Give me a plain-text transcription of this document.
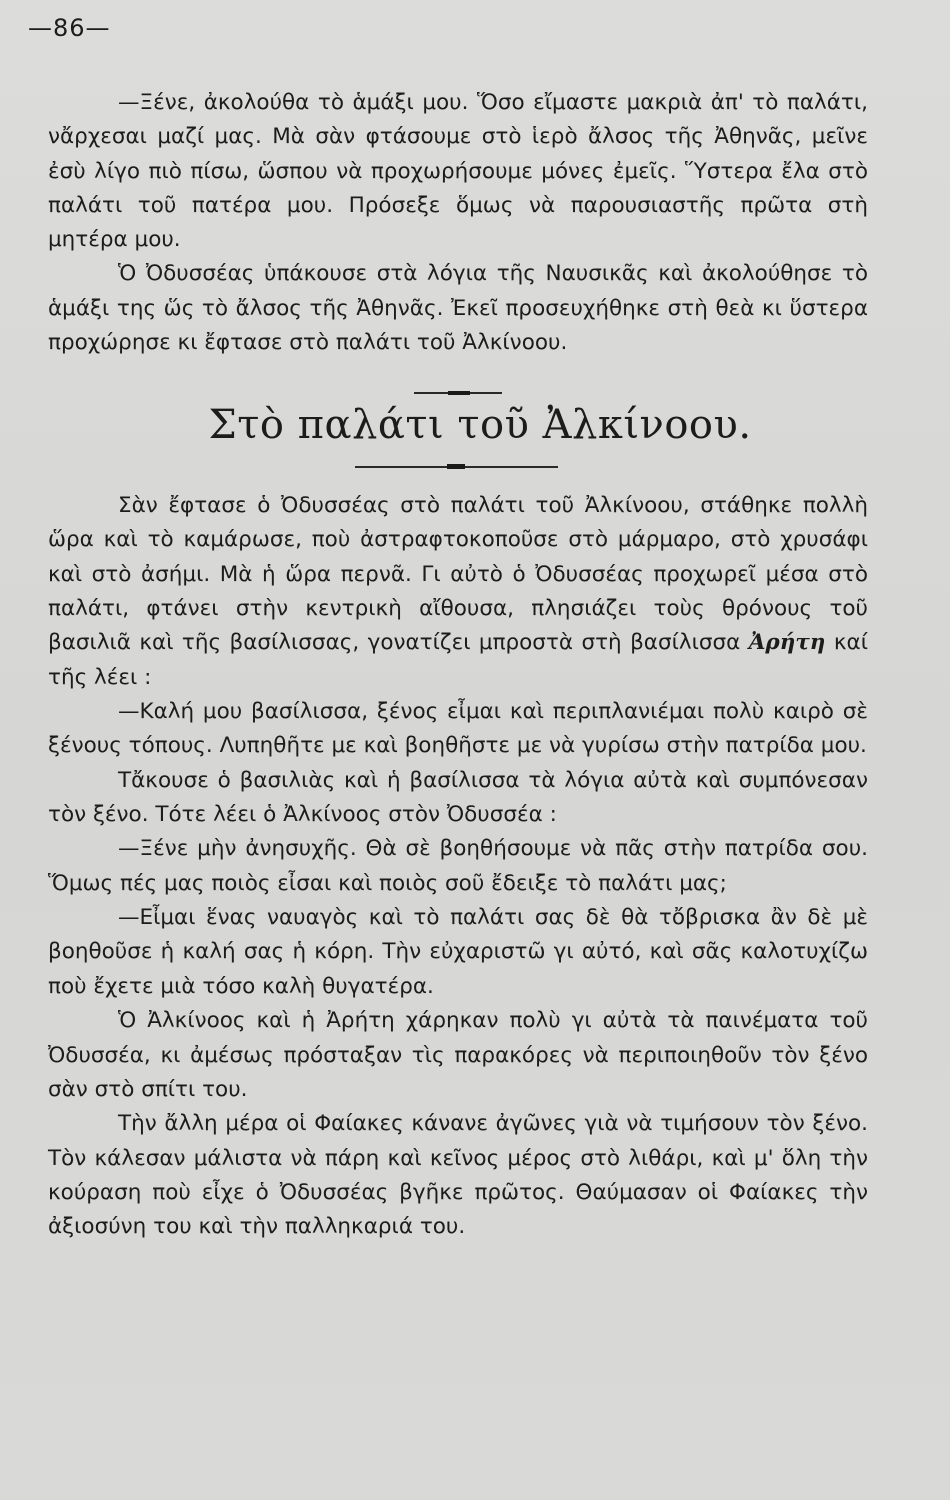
—86—

—Ξένε, ἀκολούθα τὸ ἁμάξι μου. Ὅσο εἴμαστε μακριὰ ἀπ' τὸ παλάτι, νἄρχεσαι μαζί μας. Μὰ σὰν φτάσουμε στὸ ἱερὸ ἄλσος τῆς Ἀθηνᾶς, μεῖνε ἐσὺ λίγο πιὸ πίσω, ὥσπου νὰ προχωρήσουμε μόνες ἐμεῖς. Ὕστερα ἔλα στὸ παλάτι τοῦ πατέρα μου. Πρόσεξε ὅμως νὰ παρουσιαστῆς πρῶτα στὴ μητέρα μου.

Ὁ Ὀδυσσέας ὑπάκουσε στὰ λόγια τῆς Ναυσικᾶς καὶ ἀκολούθησε τὸ ἁμάξι της ὥς τὸ ἄλσος τῆς Ἀθηνᾶς. Ἐκεῖ προσευχήθηκε στὴ θεὰ κι ὕστερα προχώρησε κι ἔφτασε στὸ παλάτι τοῦ Ἀλκίνοου.

Στὸ παλάτι τοῦ Ἀλκίνοου.

Σὰν ἔφτασε ὁ Ὀδυσσέας στὸ παλάτι τοῦ Ἀλκίνοου, στάθηκε πολλὴ ὥρα καὶ τὸ καμάρωσε, ποὺ ἀστραφτοκοποῦσε στὸ μάρμαρο, στὸ χρυσάφι καὶ στὸ ἀσήμι. Μὰ ἡ ὥρα περνᾶ. Γι αὐτὸ ὁ Ὀδυσσέας προχωρεῖ μέσα στὸ παλάτι, φτάνει στὴν κεντρικὴ αἴθουσα, πλησιάζει τοὺς θρόνους τοῦ βασιλιᾶ καὶ τῆς βασίλισσας, γονατίζει μπροστὰ στὴ βασίλισσα Ἀρήτη καί τῆς λέει :

—Καλή μου βασίλισσα, ξένος εἶμαι καὶ περιπλανιέμαι πολὺ καιρὸ σὲ ξένους τόπους. Λυπηθῆτε με καὶ βοηθῆστε με νὰ γυρίσω στὴν πατρίδα μου.

Τἄκουσε ὁ βασιλιὰς καὶ ἡ βασίλισσα τὰ λόγια αὐτὰ καὶ συμπόνεσαν τὸν ξένο. Τότε λέει ὁ Ἀλκίνοος στὸν Ὀδυσσέα :

—Ξένε μὴν ἀνησυχῆς. Θὰ σὲ βοηθήσουμε νὰ πᾶς στὴν πατρίδα σου. Ὅμως πές μας ποιὸς εἶσαι καὶ ποιὸς σοῦ ἔδειξε τὸ παλάτι μας;

—Εἶμαι ἕνας ναυαγὸς καὶ τὸ παλάτι σας δὲ θὰ τὄβρισκα ἂν δὲ μὲ βοηθοῦσε ἡ καλή σας ἡ κόρη. Τὴν εὐχαριστῶ γι αὐτό, καὶ σᾶς καλοτυχίζω ποὺ ἔχετε μιὰ τόσο καλὴ θυγατέρα.

Ὁ Ἀλκίνοος καὶ ἡ Ἀρήτη χάρηκαν πολὺ γι αὐτὰ τὰ παινέματα τοῦ Ὀδυσσέα, κι ἀμέσως πρόσταξαν τὶς παρακόρες νὰ περιποιηθοῦν τὸν ξένο σὰν στὸ σπίτι του.

Τὴν ἄλλη μέρα οἱ Φαίακες κάνανε ἀγῶνες γιὰ νὰ τιμήσουν τὸν ξένο. Τὸν κάλεσαν μάλιστα νὰ πάρη καὶ κεῖνος μέρος στὸ λιθάρι, καὶ μ' ὅλη τὴν κούραση ποὺ εἶχε ὁ Ὀδυσσέας βγῆκε πρῶτος. Θαύμασαν οἱ Φαίακες τὴν ἀξιοσύνη του καὶ τὴν παλληκαριά του.
